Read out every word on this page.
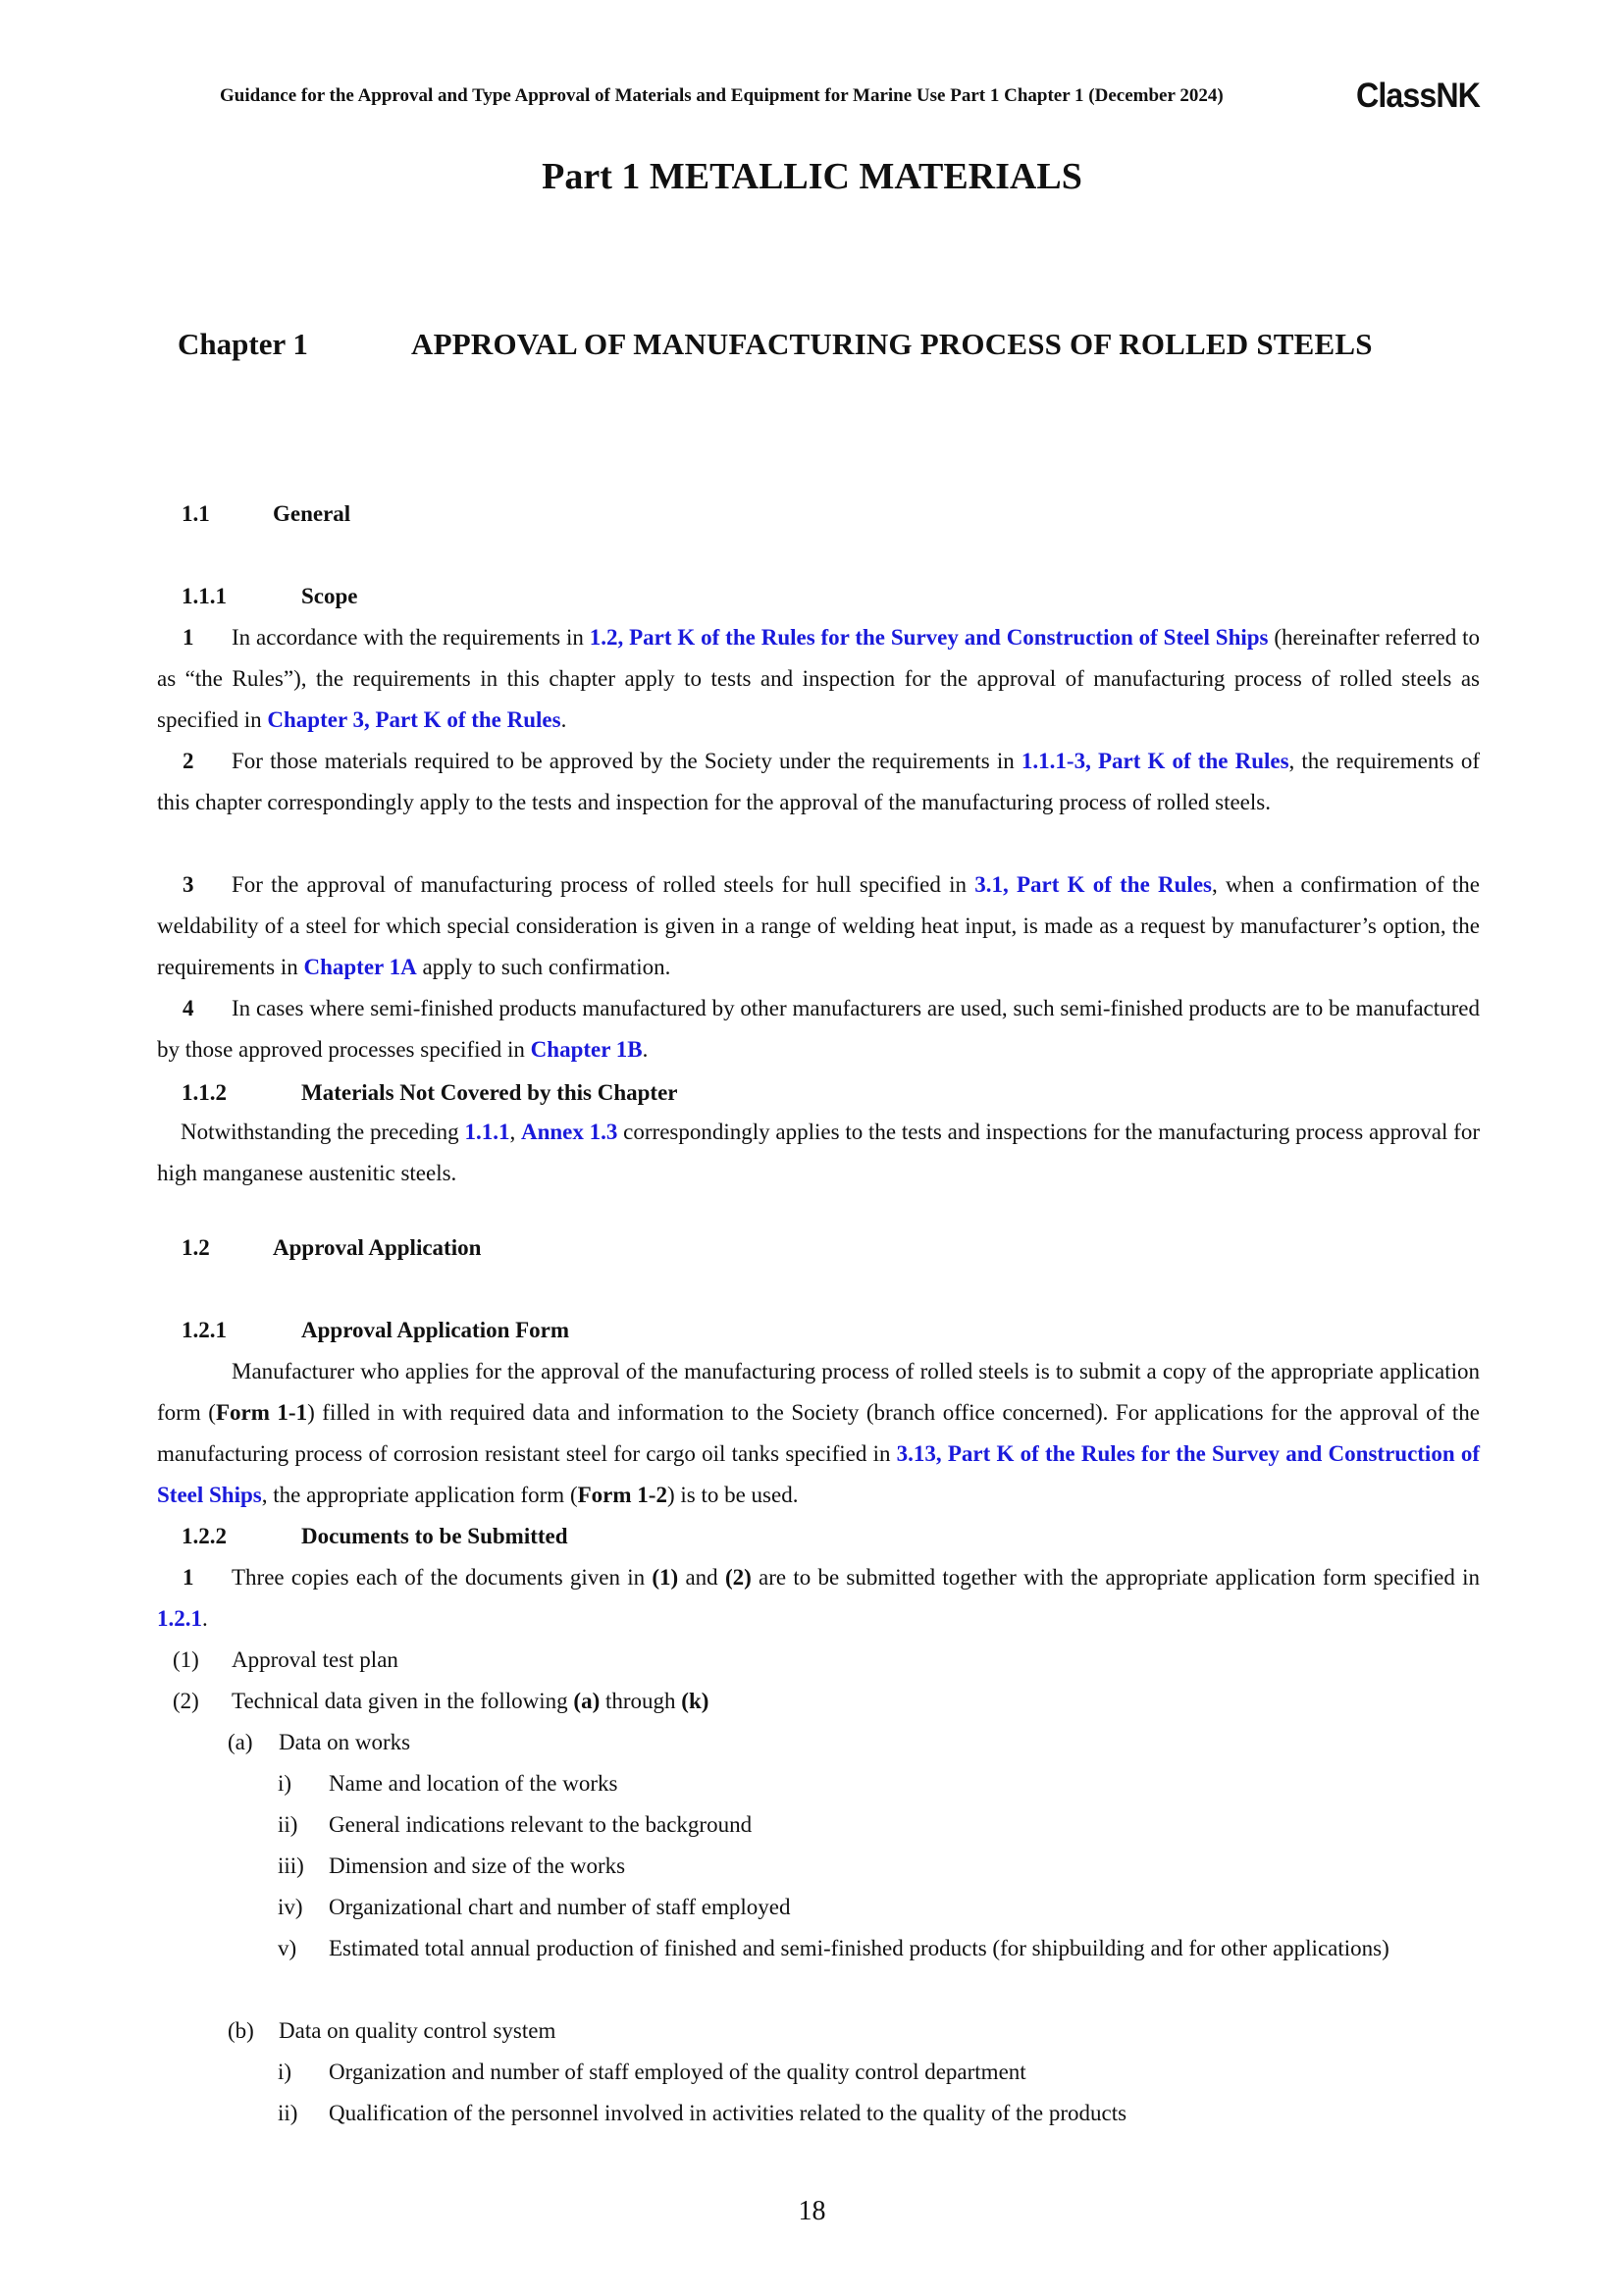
Guidance for the Approval and Type Approval of Materials and Equipment for Marine Use Part 1 Chapter 1 (December 2024)	ClassNK
Part 1 METALLIC MATERIALS
Chapter 1	APPROVAL OF MANUFACTURING PROCESS OF ROLLED STEELS
1.1	General
1.1.1	Scope
1 In accordance with the requirements in 1.2, Part K of the Rules for the Survey and Construction of Steel Ships (hereinafter referred to as “the Rules”), the requirements in this chapter apply to tests and inspection for the approval of manufacturing process of rolled steels as specified in Chapter 3, Part K of the Rules.
2 For those materials required to be approved by the Society under the requirements in 1.1.1-3, Part K of the Rules, the requirements of this chapter correspondingly apply to the tests and inspection for the approval of the manufacturing process of rolled steels.
3 For the approval of manufacturing process of rolled steels for hull specified in 3.1, Part K of the Rules, when a confirmation of the weldability of a steel for which special consideration is given in a range of welding heat input, is made as a request by manufacturer’s option, the requirements in Chapter 1A apply to such confirmation.
4 In cases where semi-finished products manufactured by other manufacturers are used, such semi-finished products are to be manufactured by those approved processes specified in Chapter 1B.
1.1.2	Materials Not Covered by this Chapter
Notwithstanding the preceding 1.1.1, Annex 1.3 correspondingly applies to the tests and inspections for the manufacturing process approval for high manganese austenitic steels.
1.2	Approval Application
1.2.1	Approval Application Form
Manufacturer who applies for the approval of the manufacturing process of rolled steels is to submit a copy of the appropriate application form (Form 1-1) filled in with required data and information to the Society (branch office concerned). For applications for the approval of the manufacturing process of corrosion resistant steel for cargo oil tanks specified in 3.13, Part K of the Rules for the Survey and Construction of Steel Ships, the appropriate application form (Form 1-2) is to be used.
1.2.2	Documents to be Submitted
1 Three copies each of the documents given in (1) and (2) are to be submitted together with the appropriate application form specified in 1.2.1.
(1) Approval test plan
(2) Technical data given in the following (a) through (k)
(a) Data on works
i) Name and location of the works
ii) General indications relevant to the background
iii) Dimension and size of the works
iv) Organizational chart and number of staff employed
v) Estimated total annual production of finished and semi-finished products (for shipbuilding and for other applications)
(b) Data on quality control system
i) Organization and number of staff employed of the quality control department
ii) Qualification of the personnel involved in activities related to the quality of the products
18
